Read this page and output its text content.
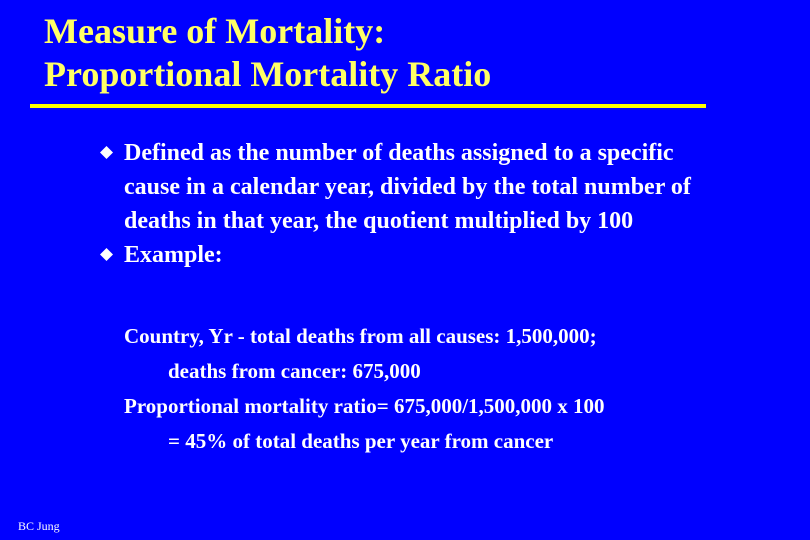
Measure of Mortality:
Proportional Mortality Ratio
Defined as the number of deaths assigned to a specific cause in a calendar year, divided by the total number of deaths in that year, the quotient multiplied by 100
Example:
Country, Yr - total deaths from all causes: 1,500,000;
deaths from cancer: 675,000
Proportional mortality ratio= 675,000/1,500,000 x 100
= 45% of total deaths per year from cancer
BC Jung
